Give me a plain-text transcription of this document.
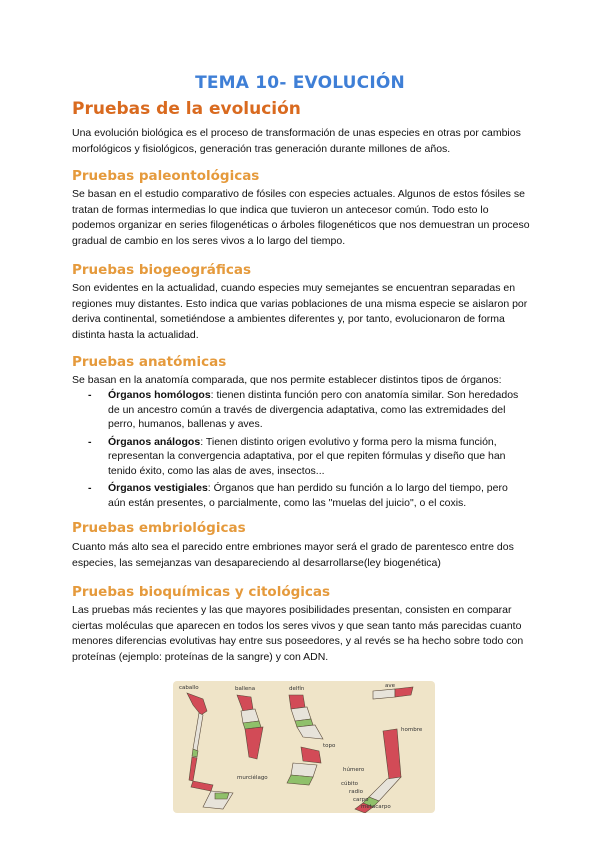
TEMA 10- EVOLUCIÓN
Pruebas de la evolución

Una evolución biológica es el proceso de transformación de unas especies en otras por cambios morfológicos y fisiológicos, generación tras generación durante millones de años.

Pruebas paleontológicas

Se basan en el estudio comparativo de fósiles con especies actuales. Algunos de estos fósiles se tratan de formas intermedias lo que indica que tuvieron un antecesor común. Todo esto lo podemos organizar en series filogenéticas o árboles filogenéticos que nos demuestran un proceso gradual de cambio en los seres vivos a lo largo del tiempo.

Pruebas biogeográficas

Son evidentes en la actualidad, cuando especies muy semejantes se encuentran separadas en regiones muy distantes. Esto indica que varias poblaciones de una misma especie se aislaron por deriva continental, sometiéndose a ambientes diferentes y, por tanto, evolucionaron de forma distinta hasta la actualidad.

Pruebas anatómicas

Se basan en la anatomía comparada, que nos permite establecer distintos tipos de órganos:

- Órganos homólogos: tienen distinta función pero con anatomía similar. Son heredados de un ancestro común a través de divergencia adaptativa, como las extremidades del perro, humanos, ballenas y aves.
- Órganos análogos: Tienen distinto origen evolutivo y forma pero la misma función, representan la convergencia adaptativa, por el que repiten fórmulas y diseño que han tenido éxito, como las alas de aves, insectos...
- Órganos vestigiales: Órganos que han perdido su función a lo largo del tiempo, pero aún están presentes, o parcialmente, como las "muelas del juicio", o el coxis.
Pruebas embriológicas

Cuanto más alto sea el parecido entre embriones mayor será el grado de parentesco entre dos especies, las semejanzas van desapareciendo al desarrollarse(ley biogenética)

Pruebas bioquímicas y citológicas

Las pruebas más recientes y las que mayores posibilidades presentan, consisten en comparar ciertas moléculas que aparecen en todos los seres vivos y que sean tanto más parecidas cuanto menores diferencias evolutivas hay entre sus poseedores, y al revés se ha hecho sobre todo con proteínas (ejemplo: proteínas de la sangre) y con ADN.

caballo	ballena	delfín	ave
murciélago
topo
hombre
húmero
cúbito
radio
carpo
metacarpo
